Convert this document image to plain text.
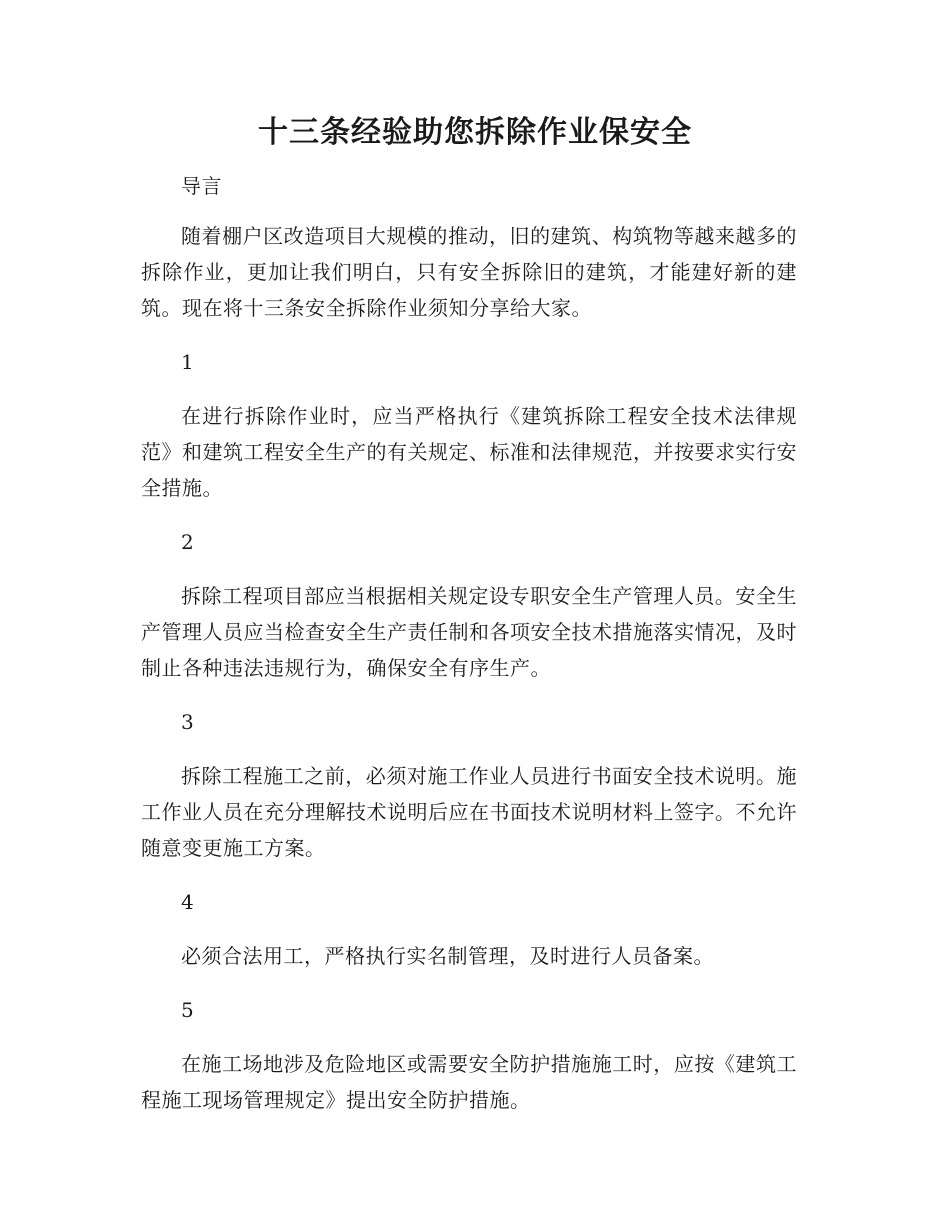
十三条经验助您拆除作业保安全

导言

随着棚户区改造项目大规模的推动，旧的建筑、构筑物等越来越多的拆除作业，更加让我们明白，只有安全拆除旧的建筑，才能建好新的建筑。现在将十三条安全拆除作业须知分享给大家。

1

在进行拆除作业时，应当严格执行《建筑拆除工程安全技术法律规范》和建筑工程安全生产的有关规定、标准和法律规范，并按要求实行安全措施。

2

拆除工程项目部应当根据相关规定设专职安全生产管理人员。安全生产管理人员应当检查安全生产责任制和各项安全技术措施落实情况，及时制止各种违法违规行为，确保安全有序生产。

3

拆除工程施工之前，必须对施工作业人员进行书面安全技术说明。施工作业人员在充分理解技术说明后应在书面技术说明材料上签字。不允许随意变更施工方案。

4

必须合法用工，严格执行实名制管理，及时进行人员备案。

5

在施工场地涉及危险地区或需要安全防护措施施工时，应按《建筑工程施工现场管理规定》提出安全防护措施。
